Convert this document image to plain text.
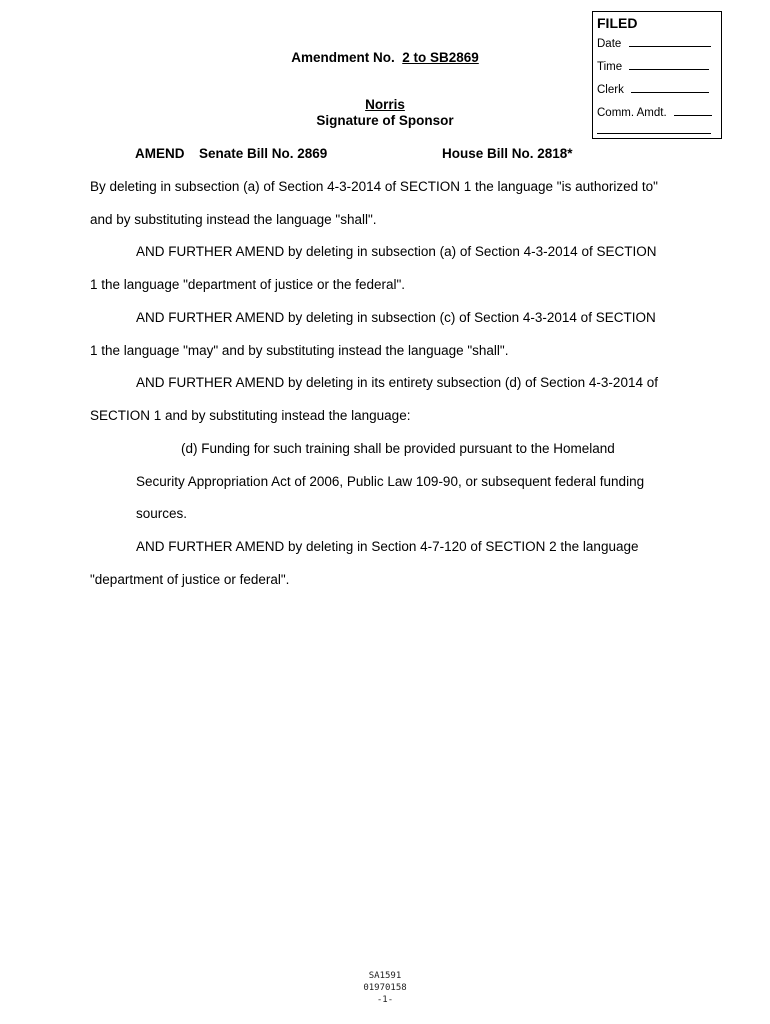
FILED
Date
Time
Clerk
Comm. Amdt.
Amendment No. 2 to SB2869
Norris
Signature of Sponsor
AMEND Senate Bill No. 2869	House Bill No. 2818*
By deleting in subsection (a) of Section 4-3-2014 of SECTION 1 the language "is authorized to"
and by substituting instead the language "shall".
AND FURTHER AMEND by deleting in subsection (a) of Section 4-3-2014 of SECTION
1 the language "department of justice or the federal".
AND FURTHER AMEND by deleting in subsection (c) of Section 4-3-2014 of SECTION
1 the language "may" and by substituting instead the language "shall".
AND FURTHER AMEND by deleting in its entirety subsection (d) of Section 4-3-2014 of
SECTION 1 and by substituting instead the language:
(d) Funding for such training shall be provided pursuant to the Homeland
Security Appropriation Act of 2006, Public Law 109-90, or subsequent federal funding
sources.
AND FURTHER AMEND by deleting in Section 4-7-120 of SECTION 2 the language
"department of justice or federal".
SA1591
01970158
-1-
